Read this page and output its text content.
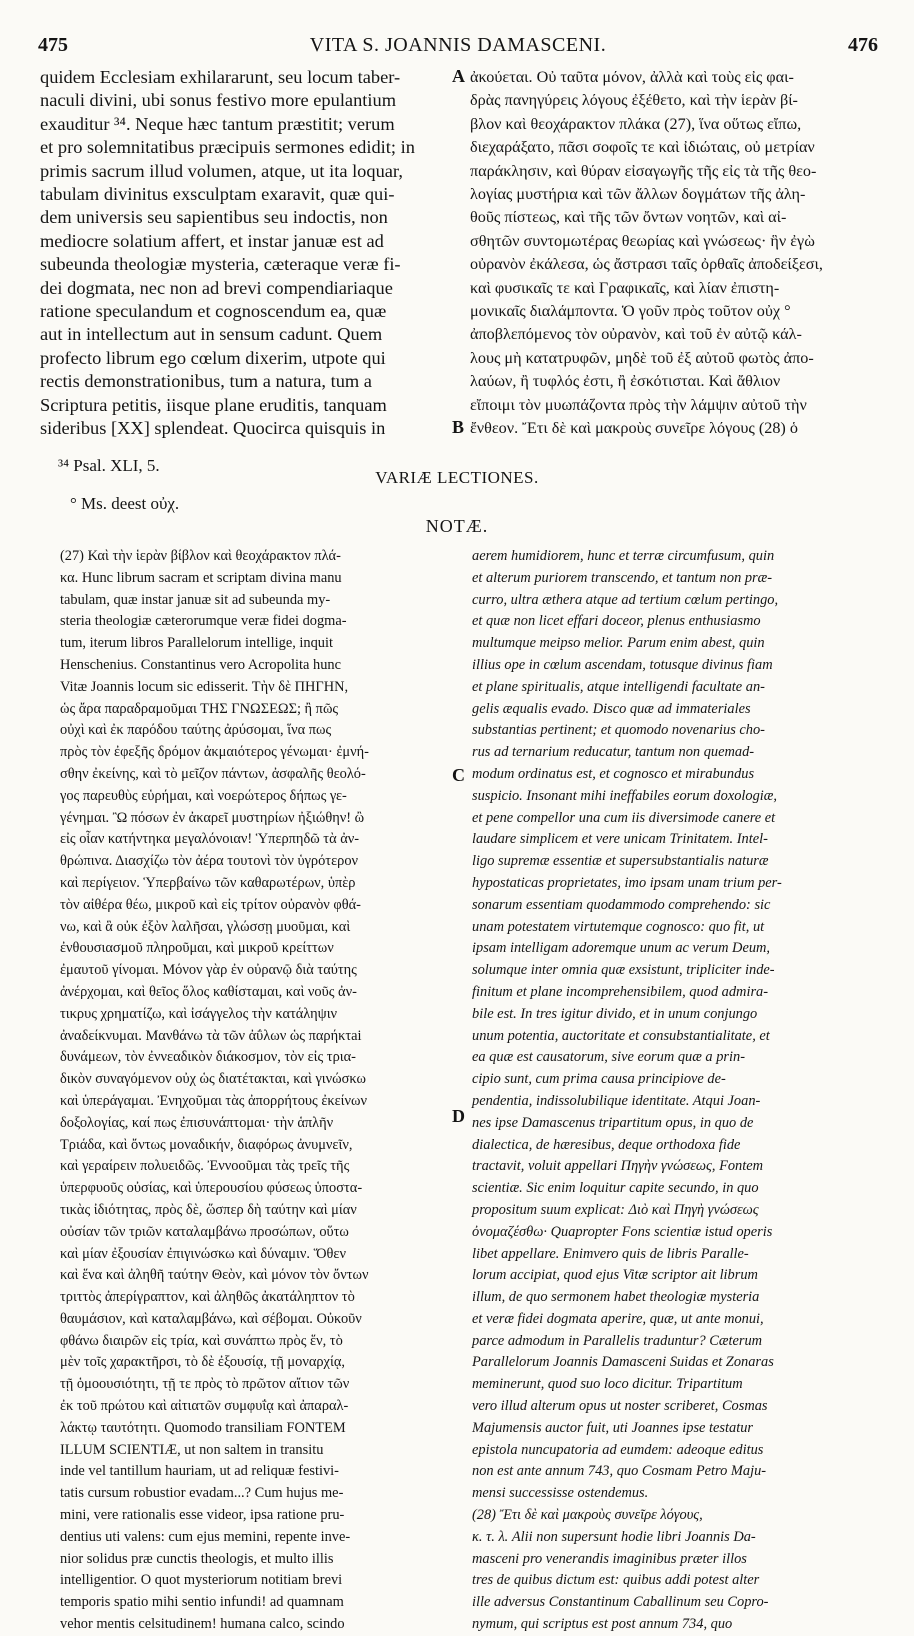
475	VITA S. JOANNIS DAMASCENI.	476
quidem Ecclesiam exhilararunt, seu locum taber-
naculi divini, ubi sonus festivo more epulantium
exauditur ³⁴. Neque hæc tantum præstitit; verum
et pro solemnitatibus præcipuis sermones edidit; in
primis sacrum illud volumen, atque, ut ita loquar,
tabulam divinitus exsculptam exaravit, quæ qui-
dem universis seu sapientibus seu indoctis, non
mediocre solatium affert, et instar januæ est ad
subeunda theologiæ mysteria, cæteraque veræ fi-
dei dogmata, nec non ad brevi compendiariaque
ratione speculandum et cognoscendum ea, quæ
aut in intellectum aut in sensum cadunt. Quem
profecto librum ego cœlum dixerim, utpote qui
rectis demonstrationibus, tum a natura, tum a
Scriptura petitis, iisque plane eruditis, tanquam
sideribus [XX] splendeat. Quocirca quisquis in
ἀκούεται. Οὐ ταῦτα μόνον, ἀλλὰ καὶ τοὺς εἰς φαι-
δρὰς πανηγύρεις λόγους ἐξέθετο, καὶ τὴν ἱερὰν βί-
βλον καὶ θεοχάρακτον πλάκα (27), ἵνα οὕτως εἴπω,
διεχαράξατο, πᾶσι σοφοῖς τε καὶ ἰδιώταις, οὐ μετρίαν
παράκλησιν, καὶ θύραν εἰσαγωγῆς τῆς εἰς τὰ τῆς θεο-
λογίας μυστήρια καὶ τῶν ἄλλων δογμάτων τῆς ἀλη-
θοῦς πίστεως, καὶ τῆς τῶν ὄντων νοητῶν, καὶ αἰ-
σθητῶν συντομωτέρας θεωρίας καὶ γνώσεως· ἣν ἐγὼ
οὐρανὸν ἐκάλεσα, ὡς ἄστρασι ταῖς ὀρθαῖς ἀποδείξεσι,
καὶ φυσικαῖς τε καὶ Γραφικαῖς, καὶ λίαν ἐπιστη-
μονικαῖς διαλάμποντα. Ὁ γοῦν πρὸς τοῦτον οὐχ °
ἀποβλεπόμενος τὸν οὐρανὸν, καὶ τοῦ ἐν αὐτῷ κάλ-
λους μὴ κατατρυφῶν, μηδὲ τοῦ ἐξ αὐτοῦ φωτὸς ἀπο-
λαύων, ἢ τυφλός ἐστι, ἢ ἐσκότισται. Καὶ ἄθλιον
εἴποιμι τὸν μυωπάζοντα πρὸς τὴν λάμψιν αὐτοῦ τὴν
ἔνθεον. Ἔτι δὲ καὶ μακροὺς συνεῖρε λόγους (28) ὁ
A
B
C
D
³⁴ Psal. XLI, 5.
VARIÆ LECTIONES.
° Ms. deest οὐχ.
NOTÆ.
(27) Καὶ τὴν ἱερὰν βίβλον καὶ θεοχάρακτον πλά-
κα. Hunc librum sacram et scriptam divina manu
tabulam, quæ instar januæ sit ad subeunda my-
steria theologiæ cæterorumque veræ fidei dogma-
tum, iterum libros Parallelorum intellige, inquit
Henschenius. Constantinus vero Acropolita hunc
Vitæ Joannis locum sic edisserit. Τὴν δὲ ΠΗΓΗΝ,
ὡς ἄρα παραδραμοῦμαι ΤΗΣ ΓΝΩΣΕΩΣ; ἢ πῶς
οὐχὶ καὶ ἐκ παρόδου ταύτης ἀρύσομαι, ἵνα πως
πρὸς τὸν ἐφεξῆς δρόμον ἀκμαιότερος γένωμαι· ἐμνή-
σθην ἐκείνης, καὶ τὸ μεῖζον πάντων, ἀσφαλῆς θεολό-
γος παρευθὺς εὑρήμαι, καὶ νοερώτερος δήπως γε-
γένημαι. Ὢ πόσων ἐν ἀκαρεῖ μυστηρίων ἠξιώθην! ὢ
εἰς οἷαν κατήντηκα μεγαλόνοιαν! Ὑπερπηδῶ τὰ ἀν-
θρώπινα. Διασχίζω τὸν ἀέρα τουτονὶ τὸν ὑγρότερον
καὶ περίγειον. Ὑπερβαίνω τῶν καθαρωτέρων, ὑπὲρ
τὸν αἰθέρα θέω, μικροῦ καὶ εἰς τρίτον οὐρανὸν φθά-
νω, καὶ ἃ οὐκ ἐξὸν λαλῆσαι, γλώσσῃ μυοῦμαι, καὶ
ἐνθουσιασμοῦ πληροῦμαι, καὶ μικροῦ κρείττων
ἐμαυτοῦ γίνομαι. Μόνον γὰρ ἐν οὐρανῷ διὰ ταύτης
ἀνέρχομαι, καὶ θεῖος ὅλος καθίσταμαι, καὶ νοῦς ἀν-
τικρυς χρηματίζω, καὶ ἰσάγγελος τὴν κατάληψιν
ἀναδείκνυμαι. Μανθάνω τὰ τῶν ἀΰλων ὡς παρήκτai
δυνάμεων, τὸν ἐννεαδικὸν διάκοσμον, τὸν εἰς τρια-
δικὸν συναγόμενον οὐχ ὡς διατέτακται, καὶ γινώσκω
καὶ ὑπεράγαμαι. Ἐνηχοῦμαι τὰς ἀπορρήτους ἐκείνων
δοξολογίας, καί πως ἐπισυνάπτομαι· τὴν ἁπλῆν
Τριάδα, καὶ ὄντως μοναδικήν, διαφόρως ἀνυμνεῖν,
καὶ γεραίρειν πολυειδῶς. Ἐννοοῦμαι τὰς τρεῖς τῆς
ὑπερφυοῦς οὐσίας, καὶ ὑπερουσίου φύσεως ὑποστα-
τικὰς ἰδιότητας, πρὸς δὲ, ὥσπερ δὴ ταύτην καὶ μίαν
οὐσίαν τῶν τριῶν καταλαμβάνω προσώπων, οὕτω
καὶ μίαν ἐξουσίαν ἐπιγινώσκω καὶ δύναμιν. Ὅθεν
καὶ ἕνα καὶ ἀληθῆ ταύτην Θεὸν, καὶ μόνον τὸν ὄντων
τριττὸς ἀπερίγραπτον, καὶ ἀληθῶς ἀκατάληπτον τὸ
θαυμάσιον, καὶ καταλαμβάνω, καὶ σέβομαι. Οὐκοῦν
φθάνω διαιρῶν εἰς τρία, καὶ συνάπτω πρὸς ἕν, τὸ
μὲν τοῖς χαρακτῆρσι, τὸ δὲ ἐξουσίᾳ, τῇ μοναρχίᾳ,
τῇ ὁμοουσιότητι, τῇ τε πρὸς τὸ πρῶτον αἴτιον τῶν
ἐκ τοῦ πρώτου καὶ αἰτιατῶν συμφυΐᾳ καὶ ἀπαραλ-
λάκτῳ ταυτότητι. Quomodo transiliam FONTEM
ILLUM SCIENTIÆ, ut non saltem in transitu
inde vel tantillum hauriam, ut ad reliquæ festivi-
tatis cursum robustior evadam...? Cum hujus me-
mini, vere rationalis esse videor, ipsa ratione pru-
dentius uti valens: cum ejus memini, repente inve-
nior solidus præ cunctis theologis, et multo illis
intelligentior. O quot mysteriorum notitiam brevi
temporis spatio mihi sentio infundi! ad quamnam
vehor mentis celsitudinem! humana calco, scindo
aerem humidiorem, hunc et terræ circumfusum, quin
et alterum puriorem transcendo, et tantum non præ-
curro, ultra æthera atque ad tertium cœlum pertingo,
et quæ non licet effari doceor, plenus enthusiasmo
multumque meipso melior. Parum enim abest, quin
illius ope in cœlum ascendam, totusque divinus fiam
et plane spiritualis, atque intelligendi facultate an-
gelis æqualis evado. Disco quæ ad immateriales
substantias pertinent; et quomodo novenarius cho-
rus ad ternarium reducatur, tantum non quemad-
modum ordinatus est, et cognosco et mirabundus
suspicio. Insonant mihi ineffabiles eorum doxologiæ,
et pene compellor una cum iis diversimode canere et
laudare simplicem et vere unicam Trinitatem. Intel-
ligo supremæ essentiæ et supersubstantialis naturæ
hypostaticas proprietates, imo ipsam unam trium per-
sonarum essentiam quodammodo comprehendo: sic
unam potestatem virtutemque cognosco: quo fit, ut
ipsam intelligam adoremque unum ac verum Deum,
solumque inter omnia quæ exsistunt, tripliciter inde-
finitum et plane incomprehensibilem, quod admira-
bile est. In tres igitur divido, et in unum conjungo
unum potentia, auctoritate et consubstantialitate, et
ea quæ est causatorum, sive eorum quæ a prin-
cipio sunt, cum prima causa principiove de-
pendentia, indissolubilique identitate. Atqui Joan-
nes ipse Damascenus tripartitum opus, in quo de
dialectica, de hæresibus, deque orthodoxa fide
tractavit, voluit appellari Πηγὴν γνώσεως, Fontem
scientiæ. Sic enim loquitur capite secundo, in quo
propositum suum explicat: Διὸ καὶ Πηγὴ γνώσεως
ὀνομαζέσθω· Quapropter Fons scientiæ istud operis
libet appellare. Enimvero quis de libris Paralle-
lorum accipiat, quod ejus Vitæ scriptor ait librum
illum, de quo sermonem habet theologiæ mysteria
et veræ fidei dogmata aperire, quæ, ut ante monui,
parce admodum in Parallelis traduntur? Cæterum
Parallelorum Joannis Damasceni Suidas et Zonaras
meminerunt, quod suo loco dicitur. Tripartitum
vero illud alterum opus ut noster scriberet, Cosmas
Majumensis auctor fuit, uti Joannes ipse testatur
epistola nuncupatoria ad eumdem: adeoque editus
non est ante annum 743, quo Cosmam Petro Maju-
mensi successisse ostendemus.
(28) Ἔτι δὲ καὶ μακροὺς συνεῖρε λόγους,
κ. τ. λ. Alii non supersunt hodie libri Joannis Da-
masceni pro venerandis imaginibus præter illos
tres de quibus dictum est: quibus addi potest alter
ille adversus Constantinum Caballinum seu Copro-
nymum, qui scriptus est post annum 734, quo
